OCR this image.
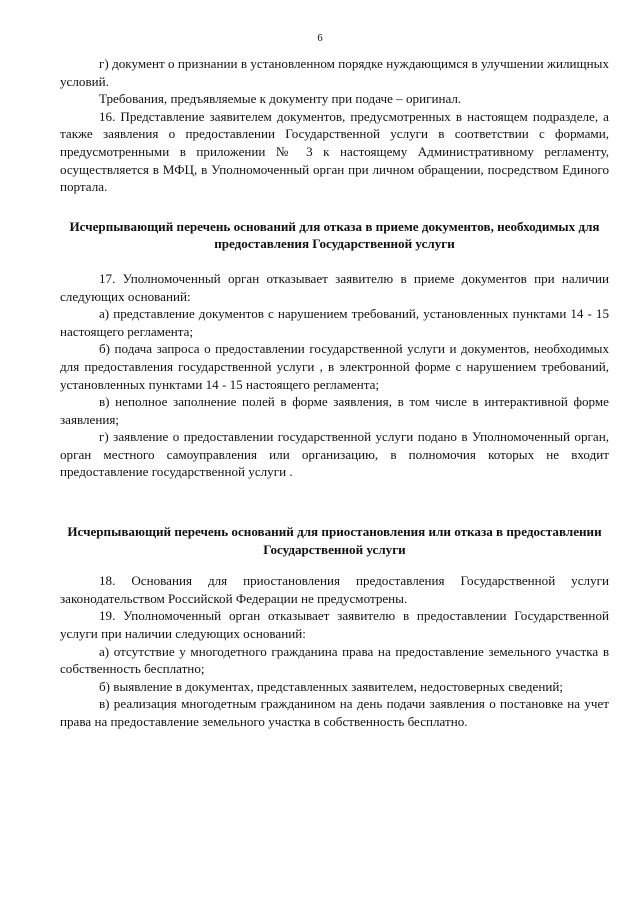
6

г) документ о признании в установленном порядке нуждающимся в улучшении жилищных условий.

Требования, предъявляемые к документу при подаче – оригинал.

16. Представление заявителем документов, предусмотренных в настоящем подразделе, а также заявления о предоставлении Государственной услуги в соответствии с формами, предусмотренными в приложении № 3 к настоящему Административному регламенту, осуществляется в МФЦ, в Уполномоченный орган при личном обращении, посредством Единого портала.

Исчерпывающий перечень оснований для отказа в приеме документов, необходимых для предоставления Государственной услуги

17. Уполномоченный орган отказывает заявителю в приеме документов при наличии следующих оснований:

а) представление документов с нарушением требований, установленных пунктами 14 - 15 настоящего регламента;

б) подача запроса о предоставлении государственной услуги и документов, необходимых для предоставления государственной услуги , в электронной форме с нарушением требований, установленных пунктами 14 - 15 настоящего регламента;

в) неполное заполнение полей в форме заявления, в том числе в интерактивной форме заявления;

г) заявление о предоставлении государственной услуги подано в Уполномоченный орган, орган местного самоуправления или организацию, в полномочия которых не входит предоставление государственной услуги .

Исчерпывающий перечень оснований для приостановления или отказа в предоставлении Государственной услуги

18. Основания для приостановления предоставления Государственной услуги законодательством Российской Федерации не предусмотрены.

19. Уполномоченный орган отказывает заявителю в предоставлении Государственной услуги при наличии следующих оснований:

а) отсутствие у многодетного гражданина права на предоставление земельного участка в собственность бесплатно;

б) выявление в документах, представленных заявителем, недостоверных сведений;

в) реализация многодетным гражданином на день подачи заявления о постановке на учет права на предоставление земельного участка в собственность бесплатно.
